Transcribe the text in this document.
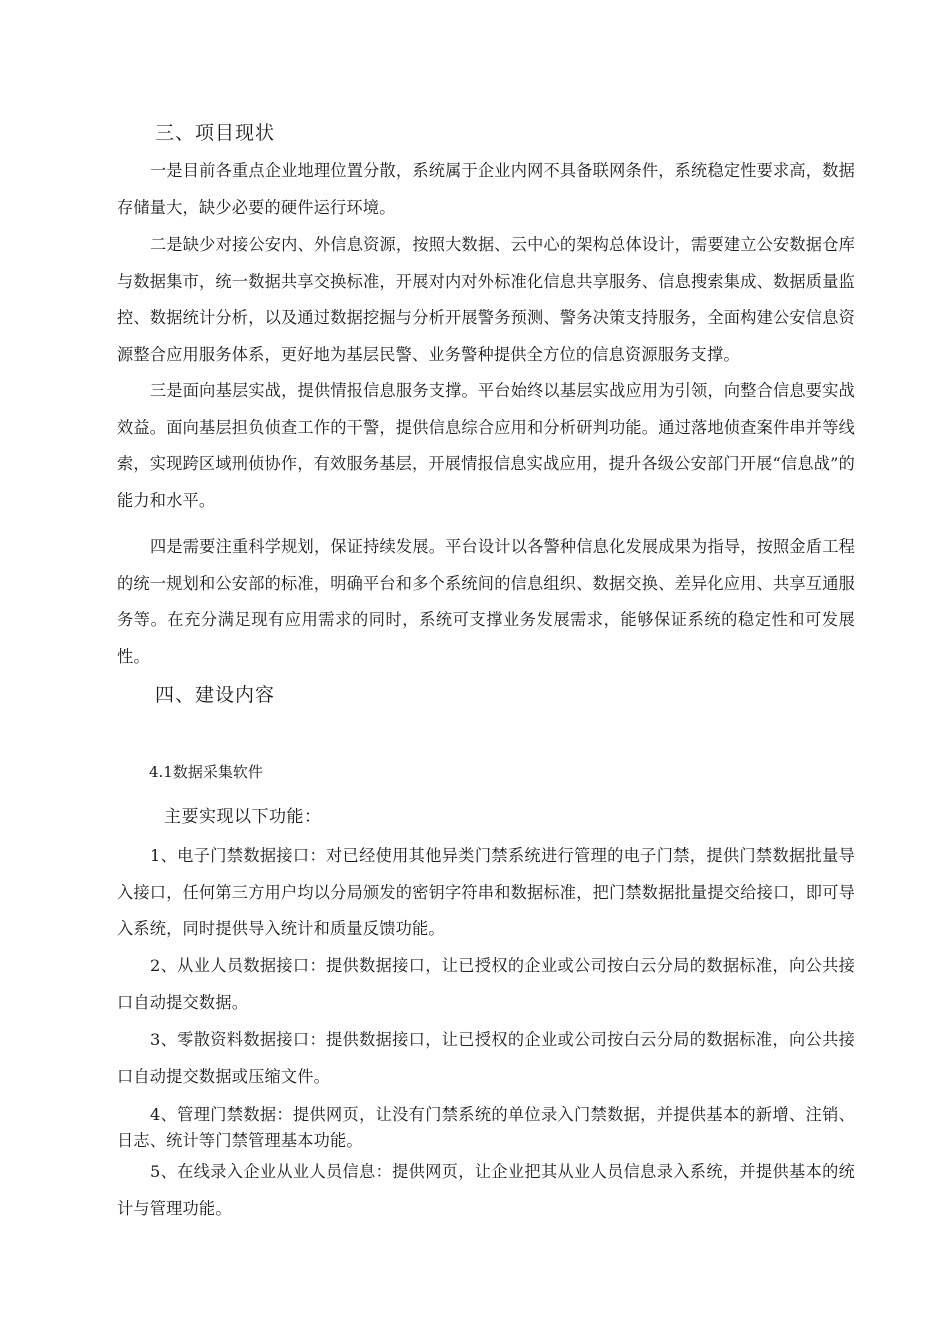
三、项目现状

一是目前各重点企业地理位置分散，系统属于企业内网不具备联网条件，系统稳定性要求高，数据存储量大，缺少必要的硬件运行环境。

二是缺少对接公安内、外信息资源，按照大数据、云中心的架构总体设计，需要建立公安数据仓库与数据集市，统一数据共享交换标准，开展对内对外标准化信息共享服务、信息搜索集成、数据质量监控、数据统计分析，以及通过数据挖掘与分析开展警务预测、警务决策支持服务，全面构建公安信息资源整合应用服务体系，更好地为基层民警、业务警种提供全方位的信息资源服务支撑。

三是面向基层实战，提供情报信息服务支撑。平台始终以基层实战应用为引领，向整合信息要实战效益。面向基层担负侦查工作的干警，提供信息综合应用和分析研判功能。通过落地侦查案件串并等线索，实现跨区域刑侦协作，有效服务基层，开展情报信息实战应用，提升各级公安部门开展“信息战”的能力和水平。

四是需要注重科学规划，保证持续发展。平台设计以各警种信息化发展成果为指导，按照金盾工程的统一规划和公安部的标准，明确平台和多个系统间的信息组织、数据交换、差异化应用、共享互通服务等。在充分满足现有应用需求的同时，系统可支撑业务发展需求，能够保证系统的稳定性和可发展性。

四、建设内容
4.1数据采集软件
主要实现以下功能：

1、电子门禁数据接口：对已经使用其他异类门禁系统进行管理的电子门禁，提供门禁数据批量导入接口，任何第三方用户均以分局颁发的密钥字符串和数据标准，把门禁数据批量提交给接口，即可导入系统，同时提供导入统计和质量反馈功能。

2、从业人员数据接口：提供数据接口，让已授权的企业或公司按白云分局的数据标准，向公共接口自动提交数据。

3、零散资料数据接口：提供数据接口，让已授权的企业或公司按白云分局的数据标准，向公共接口自动提交数据或压缩文件。

4、管理门禁数据：提供网页，让没有门禁系统的单位录入门禁数据，并提供基本的新增、注销、日志、统计等门禁管理基本功能。

5、在线录入企业从业人员信息：提供网页，让企业把其从业人员信息录入系统，并提供基本的统计与管理功能。
